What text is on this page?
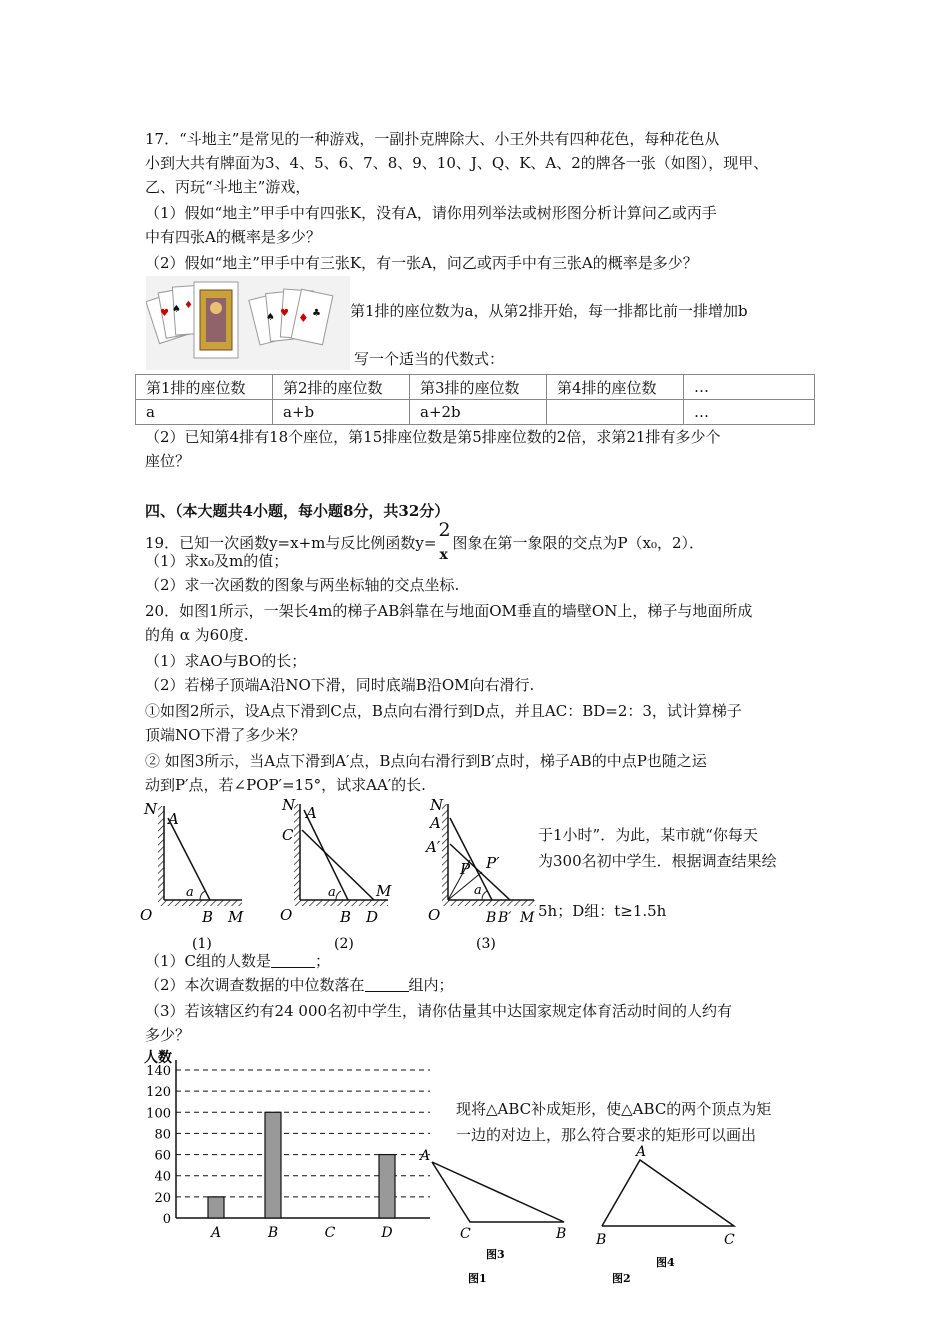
17．“斗地主”是常见的一种游戏，一副扑克牌除大、小王外共有四种花色，每种花色从
小到大共有牌面为3、4、5、6、7、8、9、10、J、Q、K、A、2的牌各一张（如图），现甲、
乙、丙玩“斗地主”游戏，
（1）假如“地主”甲手中有四张K，没有A，请你用列举法或树形图分析计算问乙或丙手
中有四张A的概率是多少？
（2）假如“地主”甲手中有三张K，有一张A，问乙或丙手中有三张A的概率是多少？
♥ ♠ ♦
♠ ♥ ♦ ♣ 第1排的座位数为a，从第2排开始，每一排都比前一排增加b
写一个适当的代数式：
第1排的座位数	第2排的座位数	第3排的座位数	第4排的座位数	…
a	a+b	a+2b		…
（2）已知第4排有18个座位，第15排座位数是第5排座位数的2倍，求第21排有多少个
座位？
四、（本大题共4小题，每小题8分，共32分）
19．已知一次函数y=x+m与反比例函数y=
2
x
图象在第一象限的交点为P（x₀，2）．
（1）求x₀及m的值；
（2）求一次函数的图象与两坐标轴的交点坐标.
20．如图1所示，一架长4m的梯子AB斜靠在与地面OM垂直的墙壁ON上，梯子与地面所成
的角 α 为60度.
（1）求AO与BO的长；
（2）若梯子顶端A沿NO下滑，同时底端B沿OM向右滑行.
①如图2所示，设A点下滑到C点，B点向右滑行到D点，并且AC：BD=2：3，试计算梯子
顶端NO下滑了多少米？
② 如图3所示，当A点下滑到A′点，B点向右滑行到B′点时，梯子AB的中点P也随之运
动到P′点，若∠POP′=15°，试求AA′的长.
N
A
a
O	B M
(1)
N A
C
a	M
O	B D
(2)
N
A
A′
P P′
a
O	B B′ M
(3)
于1小时”．为此，某市就“你每天
为300名初中学生．根据调查结果绘
5h；D组：t≥1.5h
（1）C组的人数是	；
（2）本次调查数据的中位数落在	组内；
（3）若该辖区约有24 000名初中学生，请你估量其中达国家规定体育活动时间的人约有
多少？
人数
0
20
40
60
80
100
120
140
A	B	C	D
现将△ABC补成矩形，使△ABC的两个顶点为矩
一边的对边上，那么符合要求的矩形可以画出
A
C	B
图3
图1
A
B	C
图4
图2
